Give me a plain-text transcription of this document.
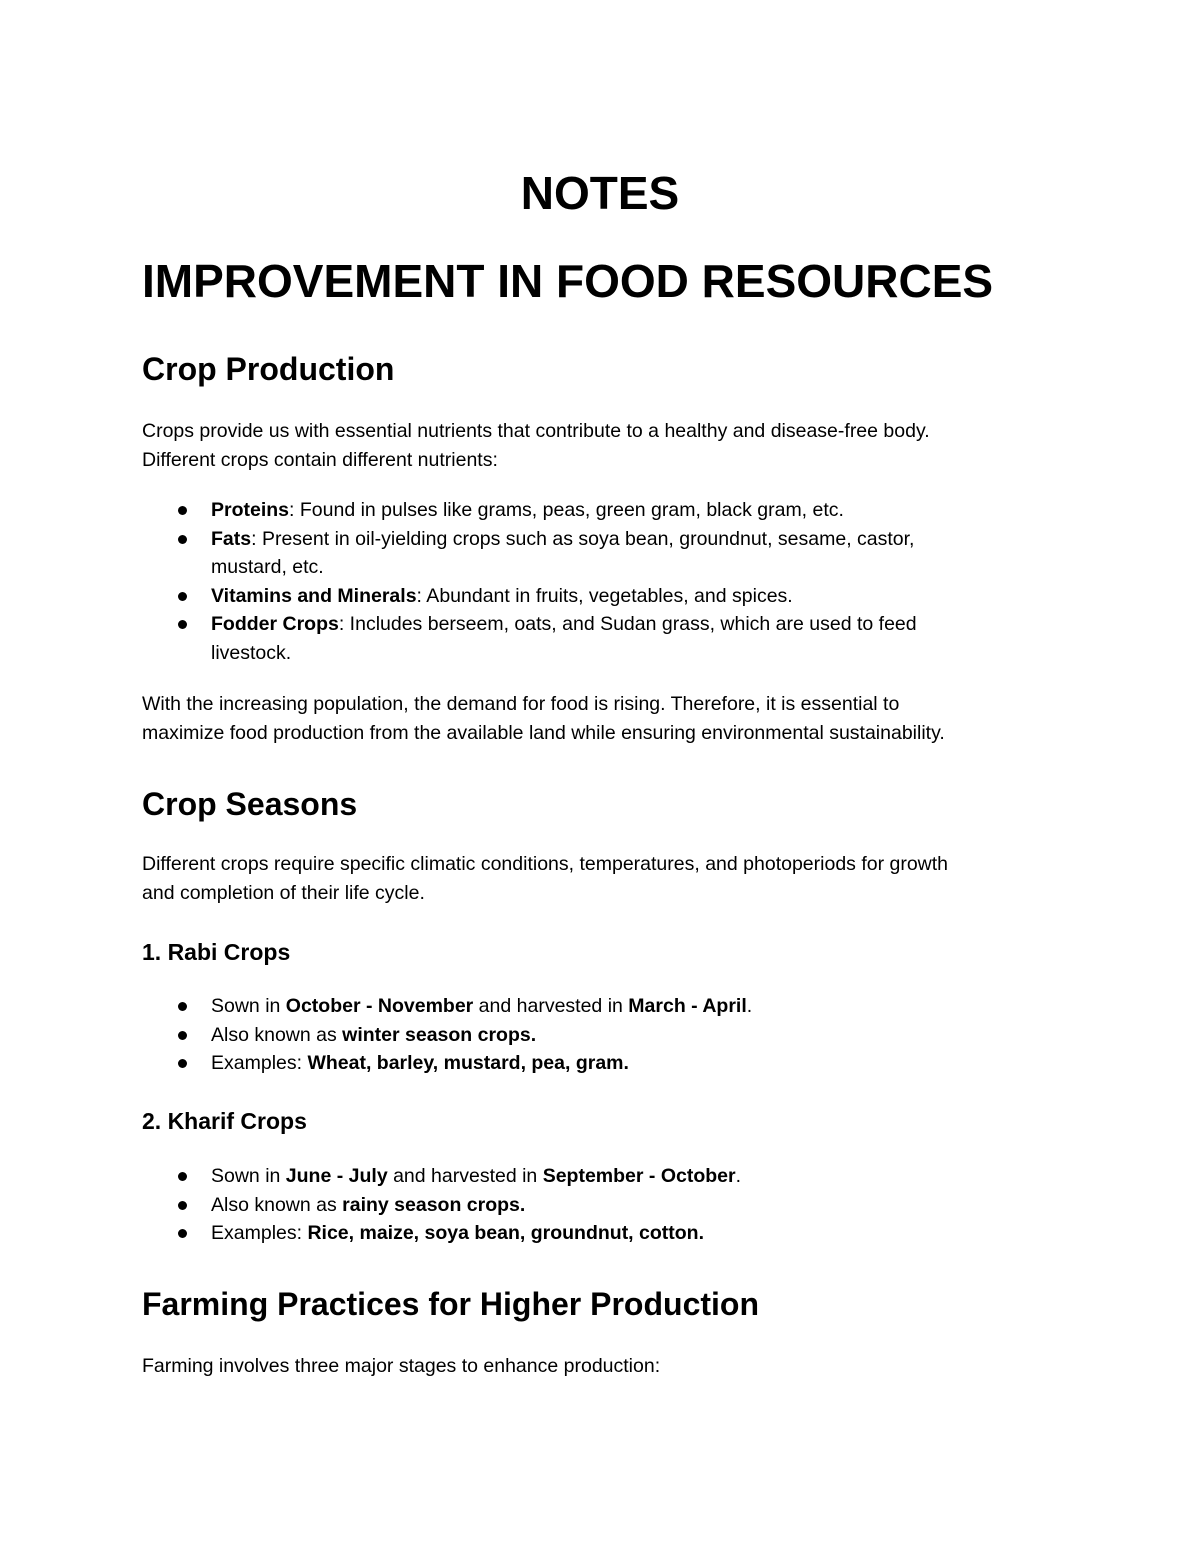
NOTES
IMPROVEMENT IN FOOD RESOURCES
Crop Production

Crops provide us with essential nutrients that contribute to a healthy and disease-free body.
Different crops contain different nutrients:

Proteins: Found in pulses like grams, peas, green gram, black gram, etc.
Fats: Present in oil-yielding crops such as soya bean, groundnut, sesame, castor,
mustard, etc.
Vitamins and Minerals: Abundant in fruits, vegetables, and spices.
Fodder Crops: Includes berseem, oats, and Sudan grass, which are used to feed
livestock.

With the increasing population, the demand for food is rising. Therefore, it is essential to
maximize food production from the available land while ensuring environmental sustainability.

Crop Seasons

Different crops require specific climatic conditions, temperatures, and photoperiods for growth
and completion of their life cycle.

1. Rabi Crops
Sown in October - November and harvested in March - April.
Also known as winter season crops.
Examples: Wheat, barley, mustard, pea, gram.
2. Kharif Crops
Sown in June - July and harvested in September - October.
Also known as rainy season crops.
Examples: Rice, maize, soya bean, groundnut, cotton.
Farming Practices for Higher Production

Farming involves three major stages to enhance production:
